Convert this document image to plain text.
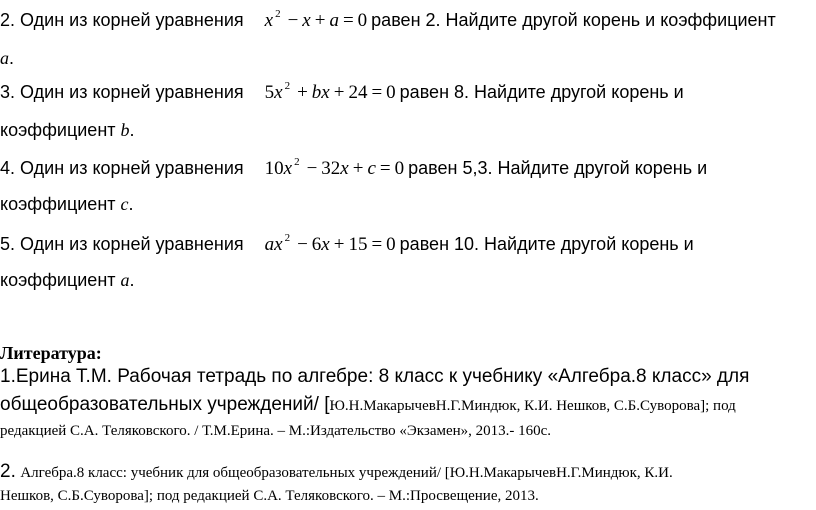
2. Один из корней уравнения x $^2$ − x + a = 0 равен 2. Найдите другой корень и коэффициент
a.
3. Один из корней уравнения 5x $^2$ + bx + 24 = 0 равен 8. Найдите другой корень и
коэффициент b.
4. Один из корней уравнения 10x $^2$ − 32x + c = 0 равен 5,3. Найдите другой корень и
коэффициент c.
5. Один из корней уравнения ax $^2$ − 6x + 15 = 0 равен 10. Найдите другой корень и
коэффициент a.
Литература:
1.Ерина Т.М. Рабочая тетрадь по алгебре: 8 класс к учебнику «Алгебра.8 класс» для
общеобразовательных учреждений/ [Ю.Н.МакарычевН.Г.Миндюк, К.И. Нешков, С.Б.Суворова]; под
редакцией С.А. Теляковского. / Т.М.Ерина. – М.:Издательство «Экзамен», 2013.- 160с.
2. Алгебра.8 класс: учебник для общеобразовательных учреждений/ [Ю.Н.МакарычевН.Г.Миндюк, К.И.
Нешков, С.Б.Суворова]; под редакцией С.А. Теляковского. – М.:Просвещение, 2013.
